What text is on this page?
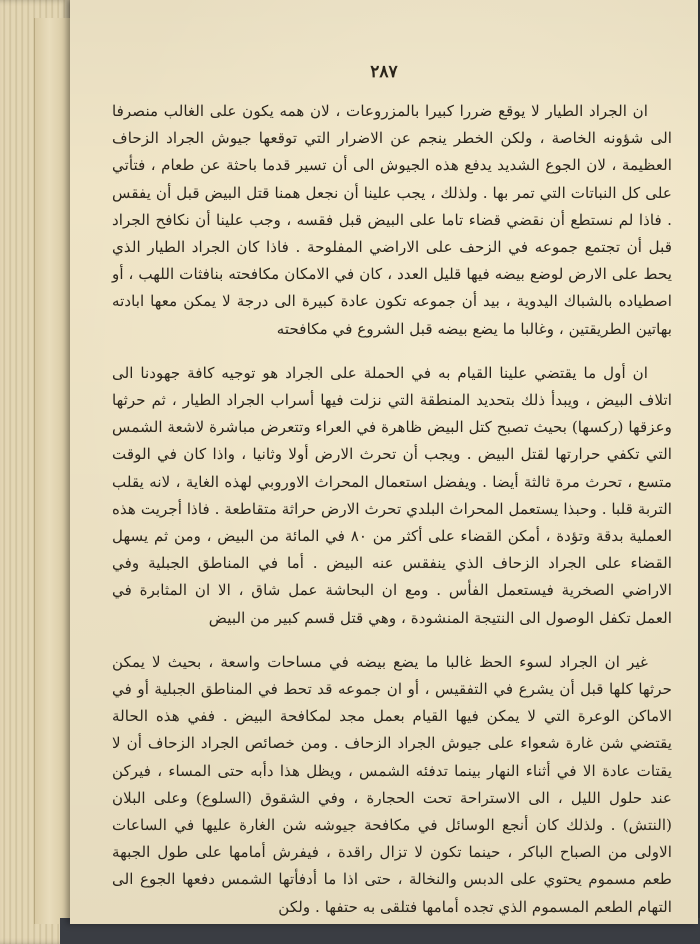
٢٨٧

ان الجراد الطيار لا يوقع ضررا كبيرا بالمزروعات ، لان همه يكون على الغالب منصرفا الى شؤونه الخاصة ، ولكن الخطر ينجم عن الاضرار التي توقعها جيوش الجراد الزحاف العظيمة ، لان الجوع الشديد يدفع هذه الجيوش الى أن تسير قدما باحثة عن طعام ، فتأتي على كل النباتات التي تمر بها . ولذلك ، يجب علينا أن نجعل همنا قتل البيض قبل أن يفقس . فاذا لم نستطع أن نقضي قضاء تاما على البيض قبل فقسه ، وجب علينا أن نكافح الجراد قبل أن تجتمع جموعه في الزحف على الاراضي المفلوحة . فاذا كان الجراد الطيار الذي يحط على الارض لوضع بيضه فيها قليل العدد ، كان في الامكان مكافحته بنافثات اللهب ، أو اصطياده بالشباك اليدوية ، بيد أن جموعه تكون عادة كبيرة الى درجة لا يمكن معها ابادته بهاتين الطريقتين ، وغالبا ما يضع بيضه قبل الشروع في مكافحته

ان أول ما يقتضي علينا القيام به في الحملة على الجراد هو توجيه كافة جهودنا الى اتلاف البيض ، ويبدأ ذلك بتحديد المنطقة التي نزلت فيها أسراب الجراد الطيار ، ثم حرثها وعزقها (ركسها) بحيث تصبح كتل البيض ظاهرة في العراء وتتعرض مباشرة لاشعة الشمس التي تكفي حرارتها لقتل البيض . ويجب أن تحرث الارض أولا وثانيا ، واذا كان في الوقت متسع ، تحرث مرة ثالثة أيضا . ويفضل استعمال المحراث الاوروبي لهذه الغاية ، لانه يقلب التربة قلبا . وحبذا يستعمل المحراث البلدي تحرث الارض حراثة متقاطعة . فاذا أجريت هذه العملية بدقة وتؤدة ، أمكن القضاء على أكثر من ٨٠ في المائة من البيض ، ومن ثم يسهل القضاء على الجراد الزحاف الذي ينفقس عنه البيض . أما في المناطق الجبلية وفي الاراضي الصخرية فيستعمل الفأس . ومع ان البحاشة عمل شاق ، الا ان المثابرة في العمل تكفل الوصول الى النتيجة المنشودة ، وهي قتل قسم كبير من البيض

غير ان الجراد لسوء الحظ غالبا ما يضع بيضه في مساحات واسعة ، بحيث لا يمكن حرثها كلها قبل أن يشرع في التفقيس ، أو ان جموعه قد تحط في المناطق الجبلية أو في الاماكن الوعرة التي لا يمكن فيها القيام بعمل مجد لمكافحة البيض . ففي هذه الحالة يقتضي شن غارة شعواء على جيوش الجراد الزحاف . ومن خصائص الجراد الزحاف أن لا يقتات عادة الا في أثناء النهار بينما تدفئه الشمس ، ويظل هذا دأبه حتى المساء ، فيركن عند حلول الليل ، الى الاستراحة تحت الحجارة ، وفي الشقوق (السلوع) وعلى البلان (النتش) . ولذلك كان أنجع الوسائل في مكافحة جيوشه شن الغارة عليها في الساعات الاولى من الصباح الباكر ، حينما تكون لا تزال راقدة ، فيفرش أمامها على طول الجبهة طعم مسموم يحتوي على الدبس والنخالة ، حتى اذا ما أدفأتها الشمس دفعها الجوع الى التهام الطعم المسموم الذي تجده أمامها فتلقى به حتفها . ولكن
